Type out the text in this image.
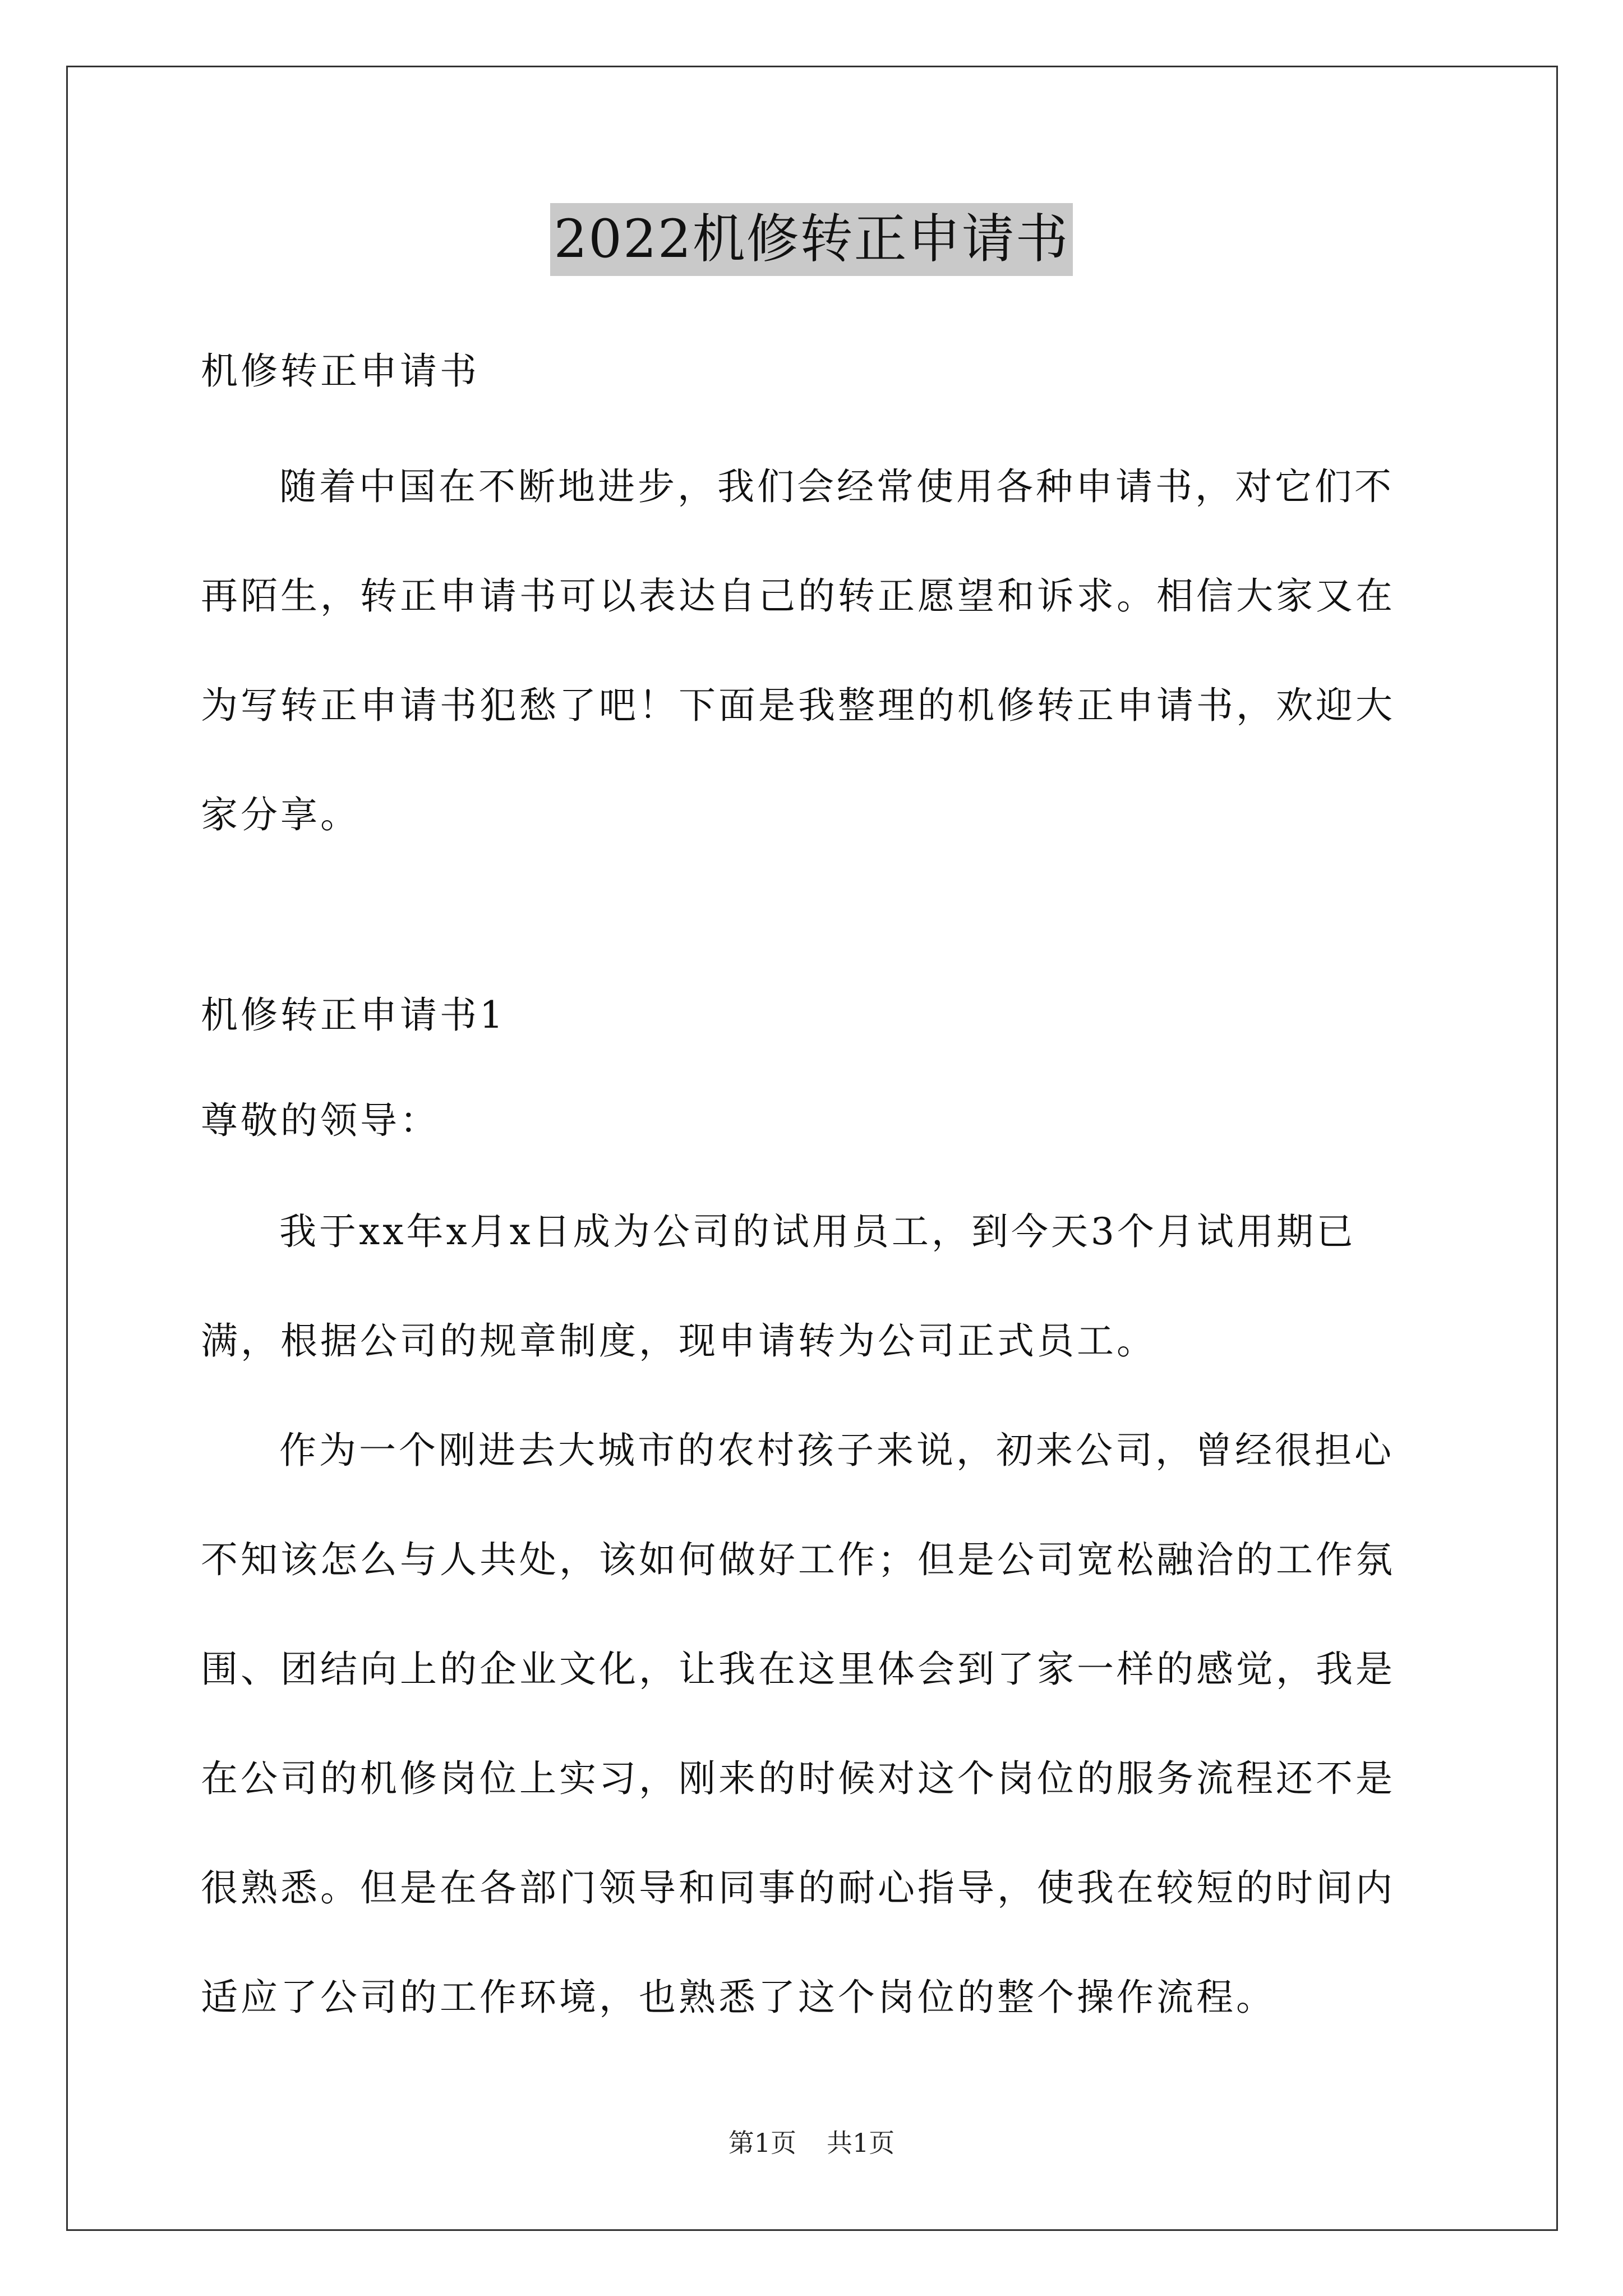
2022机修转正申请书
机修转正申请书
随着中国在不断地进步，我们会经常使用各种申请书，对它们不
再陌生，转正申请书可以表达自己的转正愿望和诉求。相信大家又在
为写转正申请书犯愁了吧！下面是我整理的机修转正申请书，欢迎大
家分享。
机修转正申请书1
尊敬的领导：
我于xx年x月x日成为公司的试用员工，到今天3个月试用期已
满，根据公司的规章制度，现申请转为公司正式员工。
作为一个刚进去大城市的农村孩子来说，初来公司，曾经很担心
不知该怎么与人共处，该如何做好工作；但是公司宽松融洽的工作氛
围、团结向上的企业文化，让我在这里体会到了家一样的感觉，我是
在公司的机修岗位上实习，刚来的时候对这个岗位的服务流程还不是
很熟悉。但是在各部门领导和同事的耐心指导，使我在较短的时间内
适应了公司的工作环境，也熟悉了这个岗位的整个操作流程。
第1页 共1页
